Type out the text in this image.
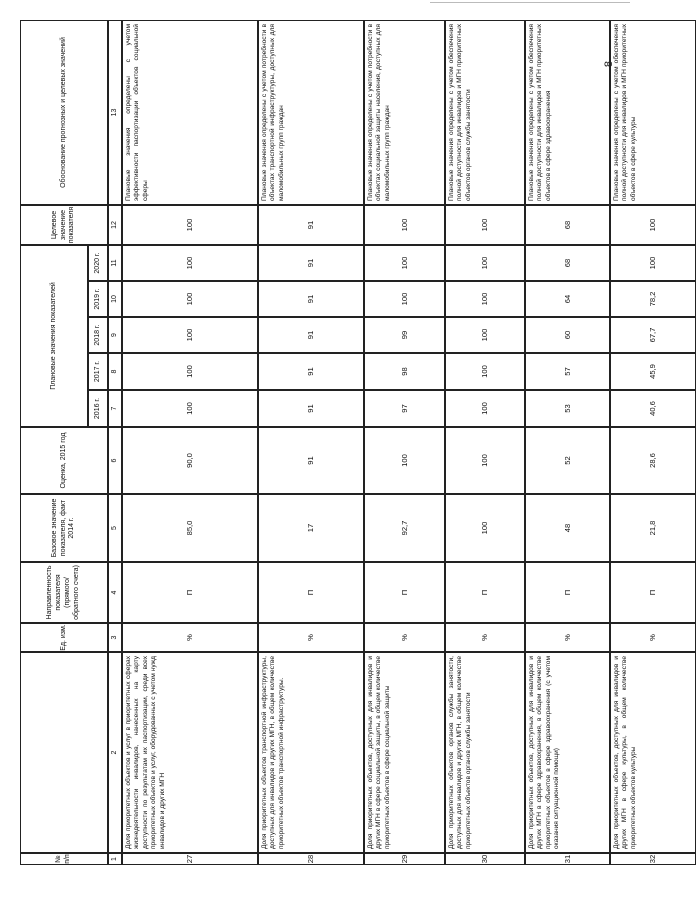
8
№ п/п
Ед. изм.
Направленность показателя (прямого/обратного счета)
Базовое значение показателя, факт 2014 г.
Оценка, 2015 год
Плановые значения показателей
2016 г.
2017 г.
2018 г.
2019 г.
2020 г.
Целевое значение показателя
Обоснование прогнозных и целевых значений
1
2
3
4
5
6
7
8
9
10
11
12
13
27
Доля приоритетных объектов и услуг в приоритетных сферах жизнедеятельности инвалидов, нанесенных на карту доступности по результатам их паспортизации, среди всех приоритетных объектов и услуг, оборудованных с учетом нужд инвалидов и других МГН
%
П
85,0
90,0
100
100
100
100
100
100
Плановые значения определены с учетом эффективности паспортизации объектов социальной сферы
28
Доля приоритетных объектов транспортной инфраструктуры, доступных для инвалидов и других МГН, в общем количестве приоритетных объектов транспортной инфраструктуры.
%
П
17
91
91
91
91
91
91
91
Плановые значения определены с учетом потребности в объектах транспортной инфраструктуры, доступных для маломобильных групп граждан
29
Доля приоритетных объектов, доступных для инвалидов и других МГН в сфере социальной защиты, в общем количестве приоритетных объектов в сфере социальной защиты
%
П
92,7
100
97
98
99
100
100
100
Плановые значения определены с учетом потребности в объектах социальной защиты населения, доступных для маломобильных групп граждан
30
Доля приоритетных объектов органов службы занятости, доступных для инвалидов и других МГН, в общем количестве приоритетных объектов органов службы занятости
%
П
100
100
100
100
100
100
100
100
Плановые значения определены с учетом обеспечения полной доступности для инвалидов и МГН приоритетных объектов органов службы занятости
31
Доля приоритетных объектов, доступных для инвалидов и других МГН в сфере здравоохранения, в общем количестве приоритетных объектов в сфере здравоохранения (с учетом оказания ситуационной помощи)
%
П
48
52
53
57
60
64
68
68
Плановые значения определены с учетом обеспечения полной доступности для инвалидов и МГН приоритетных объектов в сфере здравоохранения
32
Доля приоритетных объектов, доступных для инвалидов и других МГН в сфере культуры, в общем количестве приоритетных объектов культуры
%
П
21,8
28,6
40,6
45,9
67,7
78,2
100
100
Плановые значения определены с учетом обеспечения полной доступности для инвалидов и МГН приоритетных объектов в сфере культуры
